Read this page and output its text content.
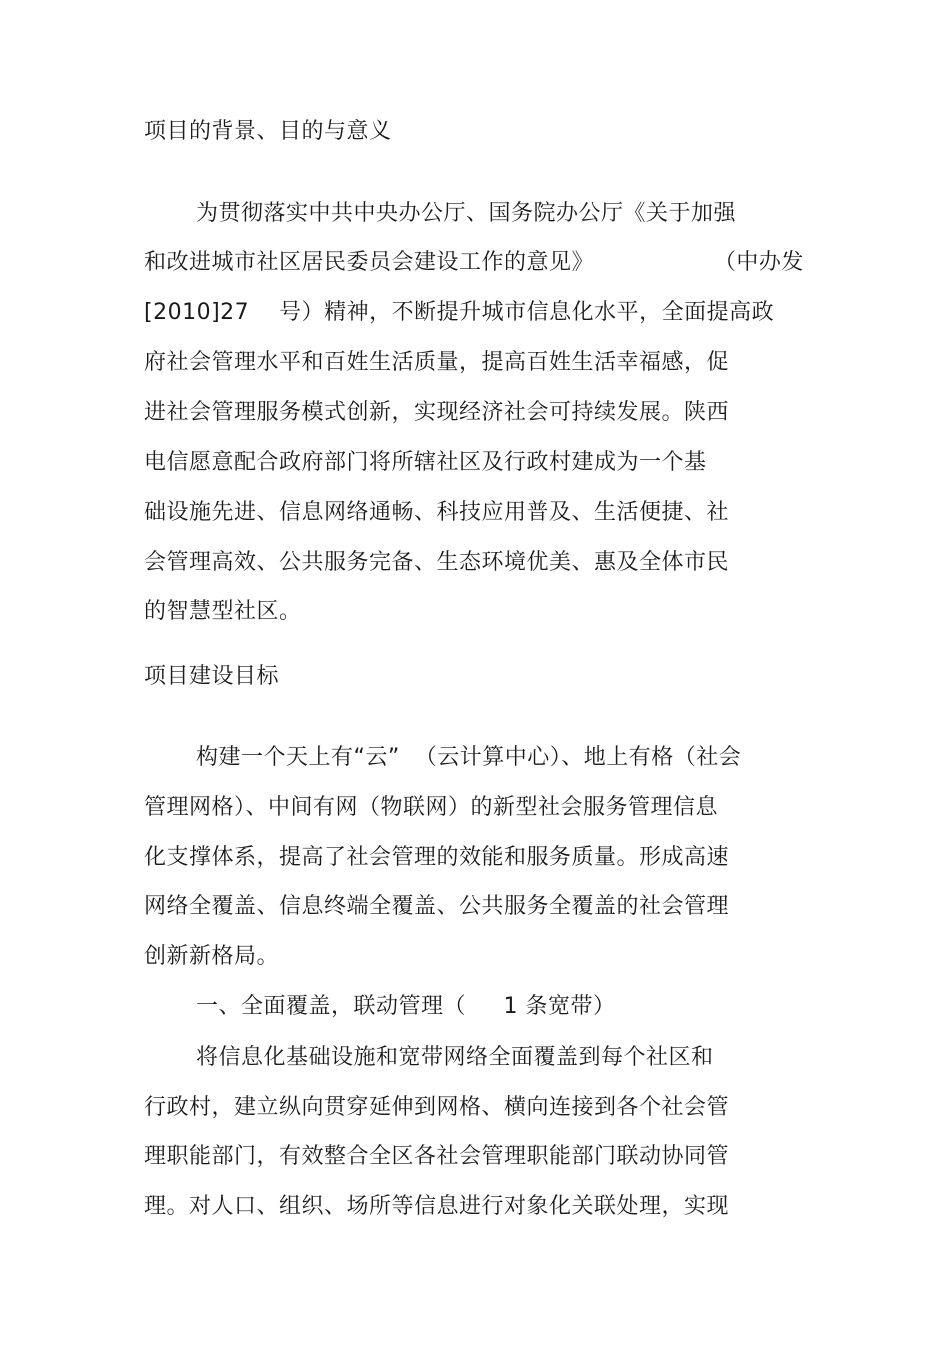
项目的背景、目的与意义
为贯彻落实中共中央办公厅、国务院办公厅《关于加强
和改进城市社区居民委员会建设工作的意见》                （中办发
[2010]27    号）精神，不断提升城市信息化水平，全面提高政
府社会管理水平和百姓生活质量，提高百姓生活幸福感，促
进社会管理服务模式创新，实现经济社会可持续发展。陕西
电信愿意配合政府部门将所辖社区及行政村建成为一个基
础设施先进、信息网络通畅、科技应用普及、生活便捷、社
会管理高效、公共服务完备、生态环境优美、惠及全体市民
的智慧型社区。
项目建设目标
构建一个天上有“云”  （云计算中心）、地上有格（社会
管理网格）、中间有网（物联网）的新型社会服务管理信息
化支撑体系，提高了社会管理的效能和服务质量。形成高速
网络全覆盖、信息终端全覆盖、公共服务全覆盖的社会管理
创新新格局。
一、全面覆盖，联动管理（     1 条宽带）
将信息化基础设施和宽带网络全面覆盖到每个社区和
行政村，建立纵向贯穿延伸到网格、横向连接到各个社会管
理职能部门，有效整合全区各社会管理职能部门联动协同管
理。对人口、组织、场所等信息进行对象化关联处理，实现
